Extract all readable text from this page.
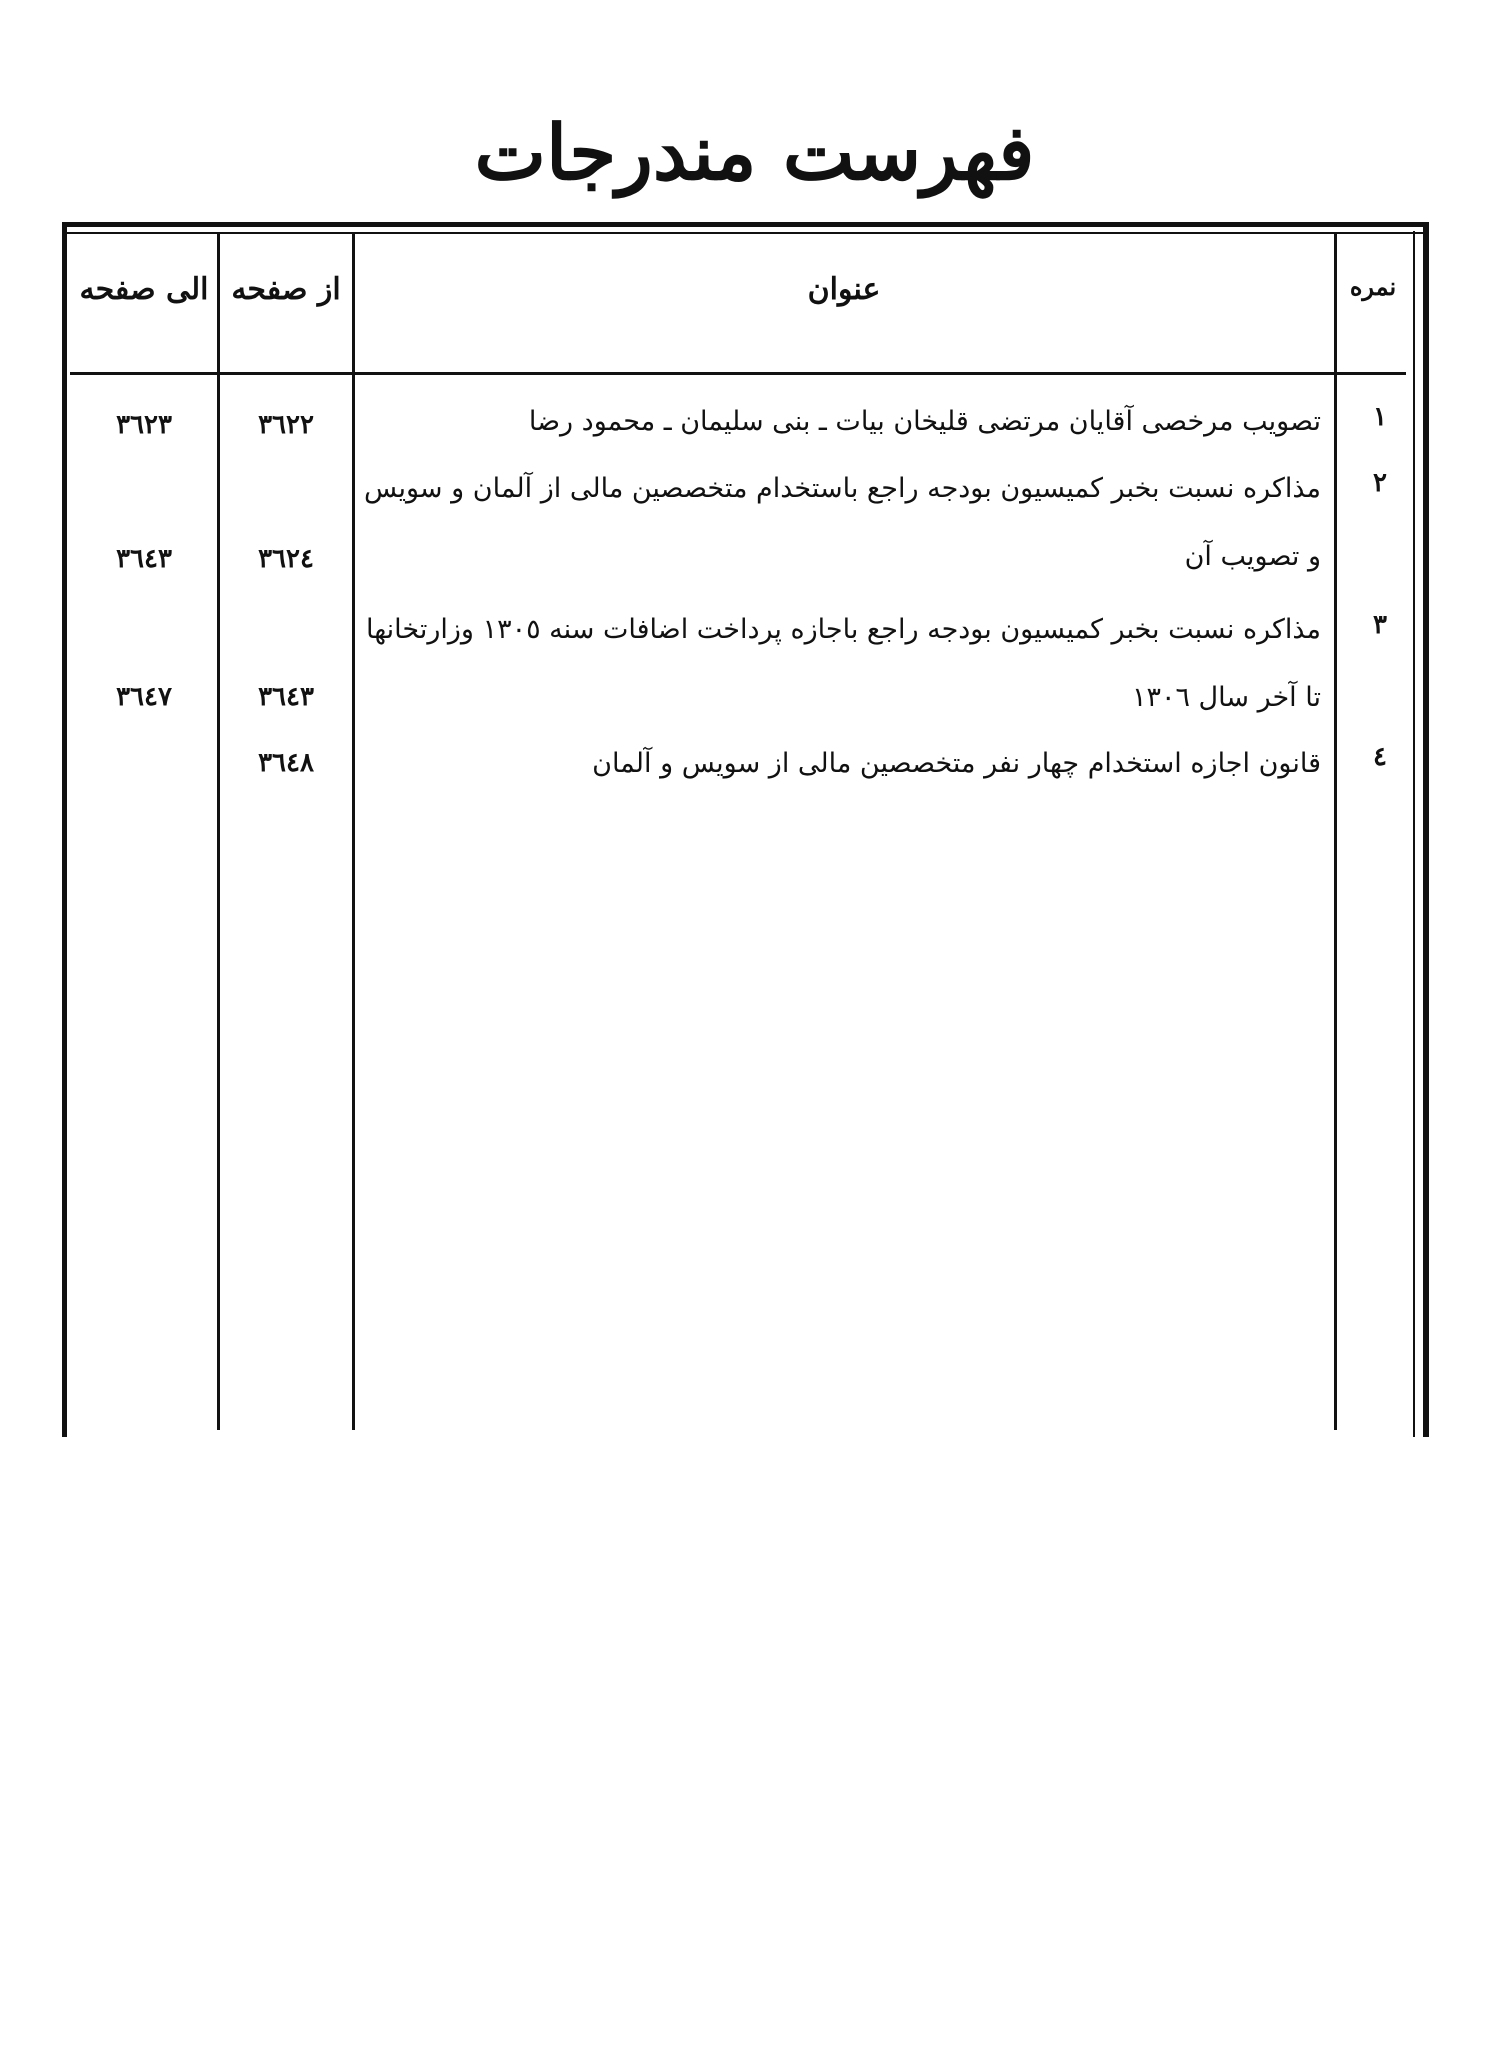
فهرست مندرجات
الی صفحه از صفحه	عنوان	نمره
١
تصویب مرخصی آقایان مرتضی قلیخان بیات ـ بنی سلیمان ـ محمود رضا
٣٦٢٢
٣٦٢٣
٢
مذاکره نسبت بخبر کمیسیون بودجه راجع باستخدام متخصصین مالی از آلمان و سویس و تصویب آن
٣٦٢٤
٣٦٤٣
٣
مذاکره نسبت بخبر کمیسیون بودجه راجع باجازه پرداخت اضافات سنه ١٣٠٥ وزارتخانها تا آخر سال ١٣٠٦
٣٦٤٣
٣٦٤٧
٤
قانون اجازه استخدام چهار نفر متخصصین مالی از سویس و آلمان
٣٦٤٨
